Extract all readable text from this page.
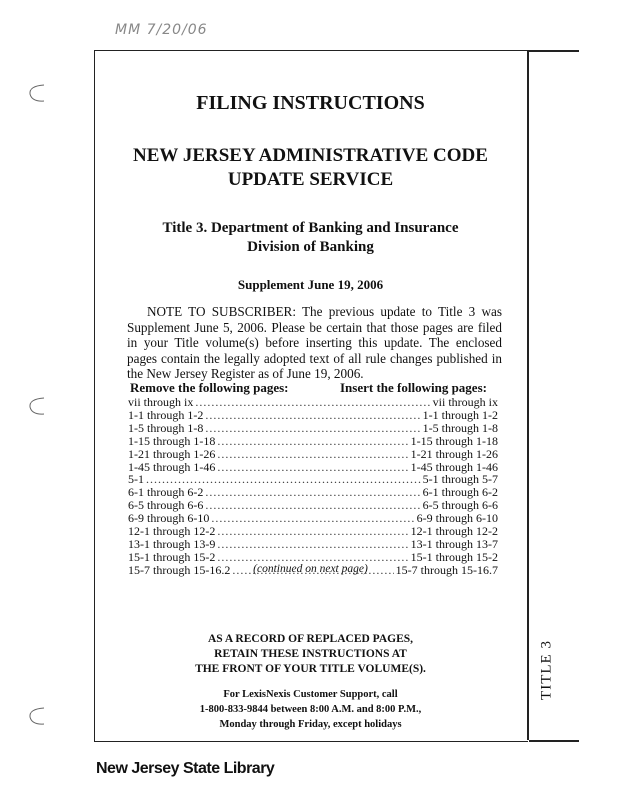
MM 7/20/06
FILING INSTRUCTIONS
NEW JERSEY ADMINISTRATIVE CODE
UPDATE SERVICE
Title 3. Department of Banking and Insurance
Division of Banking
Supplement June 19, 2006
NOTE TO SUBSCRIBER: The previous update to Title 3 was Supplement June 5, 2006. Please be certain that those pages are filed in your Title volume(s) before inserting this update. The enclosed pages contain the legally adopted text of all rule changes published in the New Jersey Register as of June 19, 2006.
Remove the following pages:	Insert the following pages:
vii through ix .....	vii through ix
1-1 through 1-2 .....	1-1 through 1-2
1-5 through 1-8 .....	1-5 through 1-8
1-15 through 1-18 .....	1-15 through 1-18
1-21 through 1-26 .....	1-21 through 1-26
1-45 through 1-46 .....	1-45 through 1-46
5-1 .....	5-1 through 5-7
6-1 through 6-2 .....	6-1 through 6-2
6-5 through 6-6 .....	6-5 through 6-6
6-9 through 6-10 .....	6-9 through 6-10
12-1 through 12-2 .....	12-1 through 12-2
13-1 through 13-9 .....	13-1 through 13-7
15-1 through 15-2 .....	15-1 through 15-2
15-7 through 15-16.2 .....	15-7 through 15-16.7
(continued on next page)
AS A RECORD OF REPLACED PAGES,
RETAIN THESE INSTRUCTIONS AT
THE FRONT OF YOUR TITLE VOLUME(S).
For LexisNexis Customer Support, call
1-800-833-9844 between 8:00 A.M. and 8:00 P.M.,
Monday through Friday, except holidays
TITLE 3
New Jersey State Library
